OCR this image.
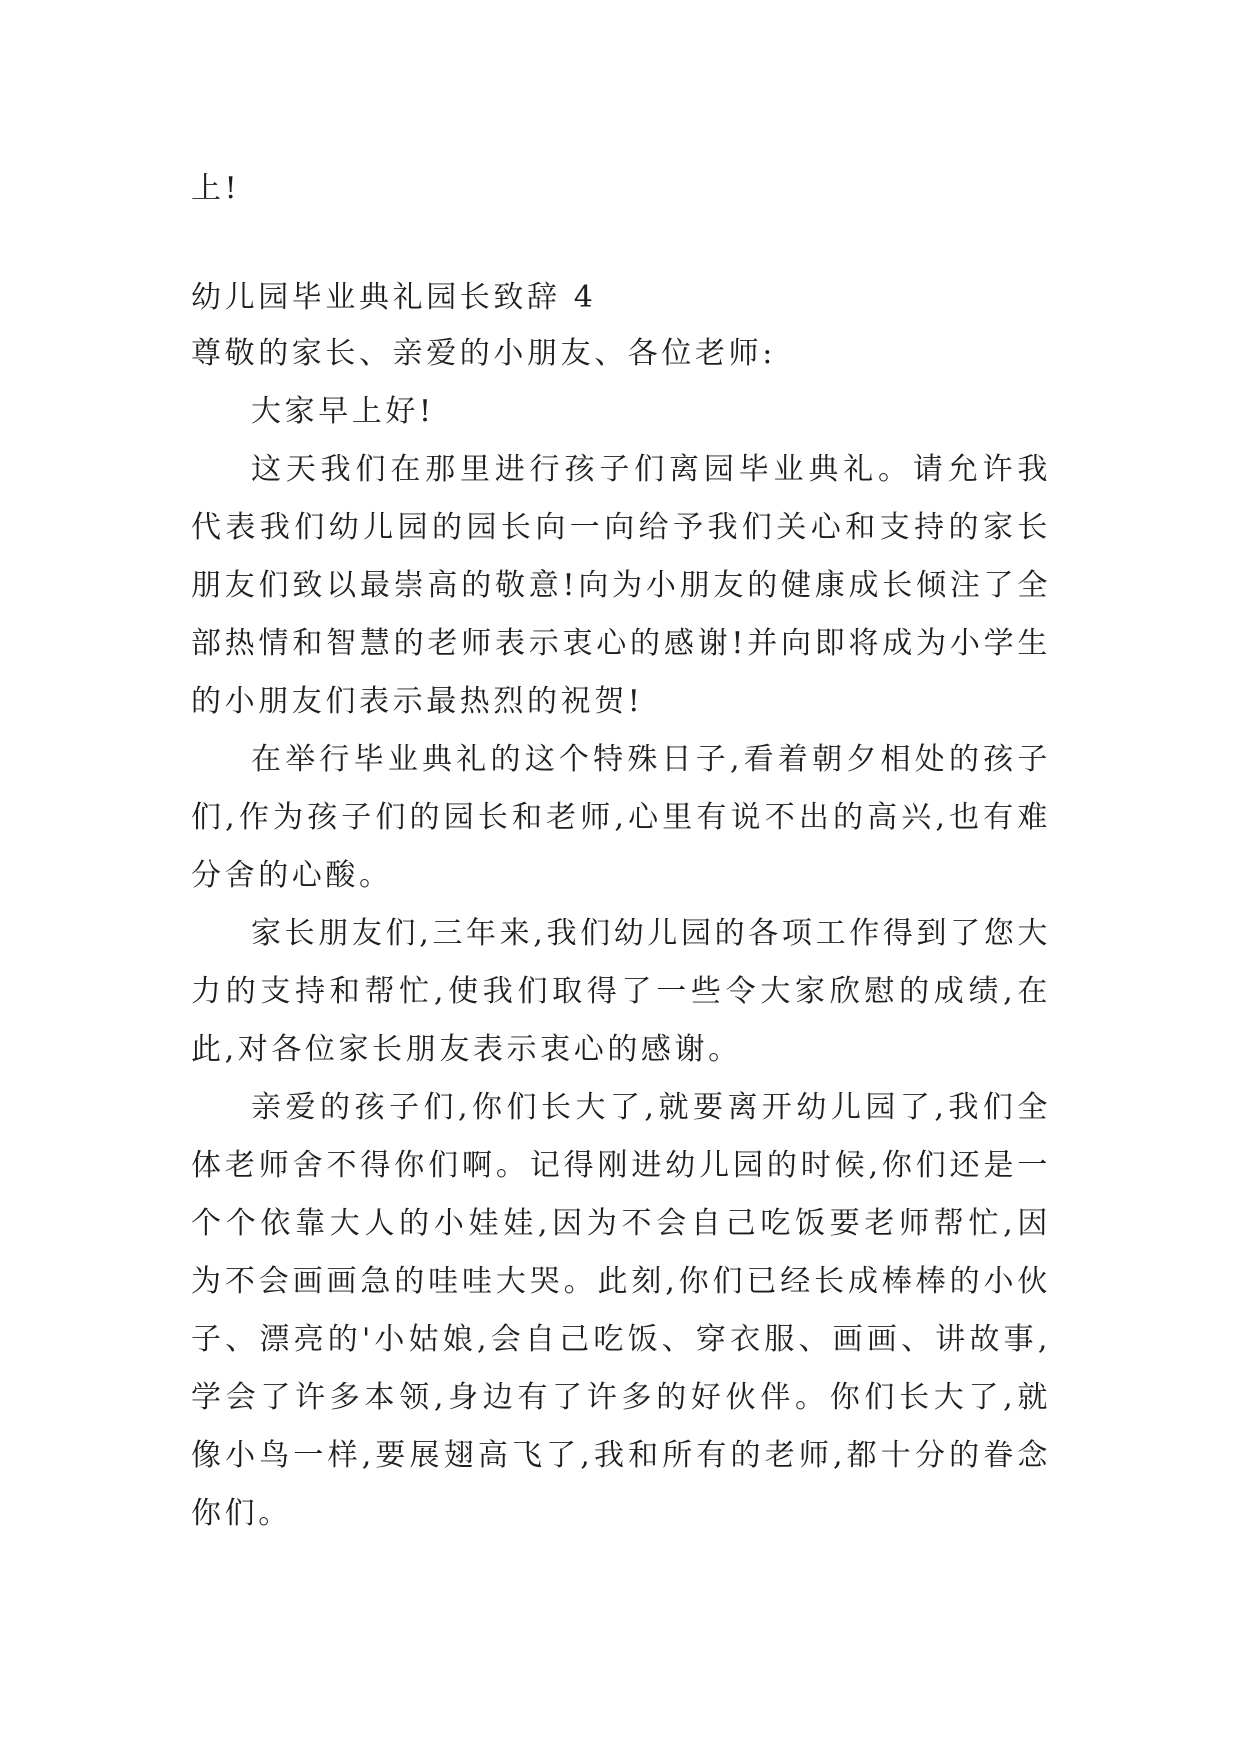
上!

幼儿园毕业典礼园长致辞 4

尊敬的家长、亲爱的小朋友、各位老师:

大家早上好!

这天我们在那里进行孩子们离园毕业典礼。请允许我代表我们幼儿园的园长向一向给予我们关心和支持的家长朋友们致以最崇高的敬意!向为小朋友的健康成长倾注了全部热情和智慧的老师表示衷心的感谢!并向即将成为小学生的小朋友们表示最热烈的祝贺!

在举行毕业典礼的这个特殊日子,看着朝夕相处的孩子们,作为孩子们的园长和老师,心里有说不出的高兴,也有难分舍的心酸。

家长朋友们,三年来,我们幼儿园的各项工作得到了您大力的支持和帮忙,使我们取得了一些令大家欣慰的成绩,在此,对各位家长朋友表示衷心的感谢。

亲爱的孩子们,你们长大了,就要离开幼儿园了,我们全体老师舍不得你们啊。记得刚进幼儿园的时候,你们还是一个个依靠大人的小娃娃,因为不会自己吃饭要老师帮忙,因为不会画画急的哇哇大哭。此刻,你们已经长成棒棒的小伙子、漂亮的'小姑娘,会自己吃饭、穿衣服、画画、讲故事,学会了许多本领,身边有了许多的好伙伴。你们长大了,就像小鸟一样,要展翅高飞了,我和所有的老师,都十分的眷念你们。
